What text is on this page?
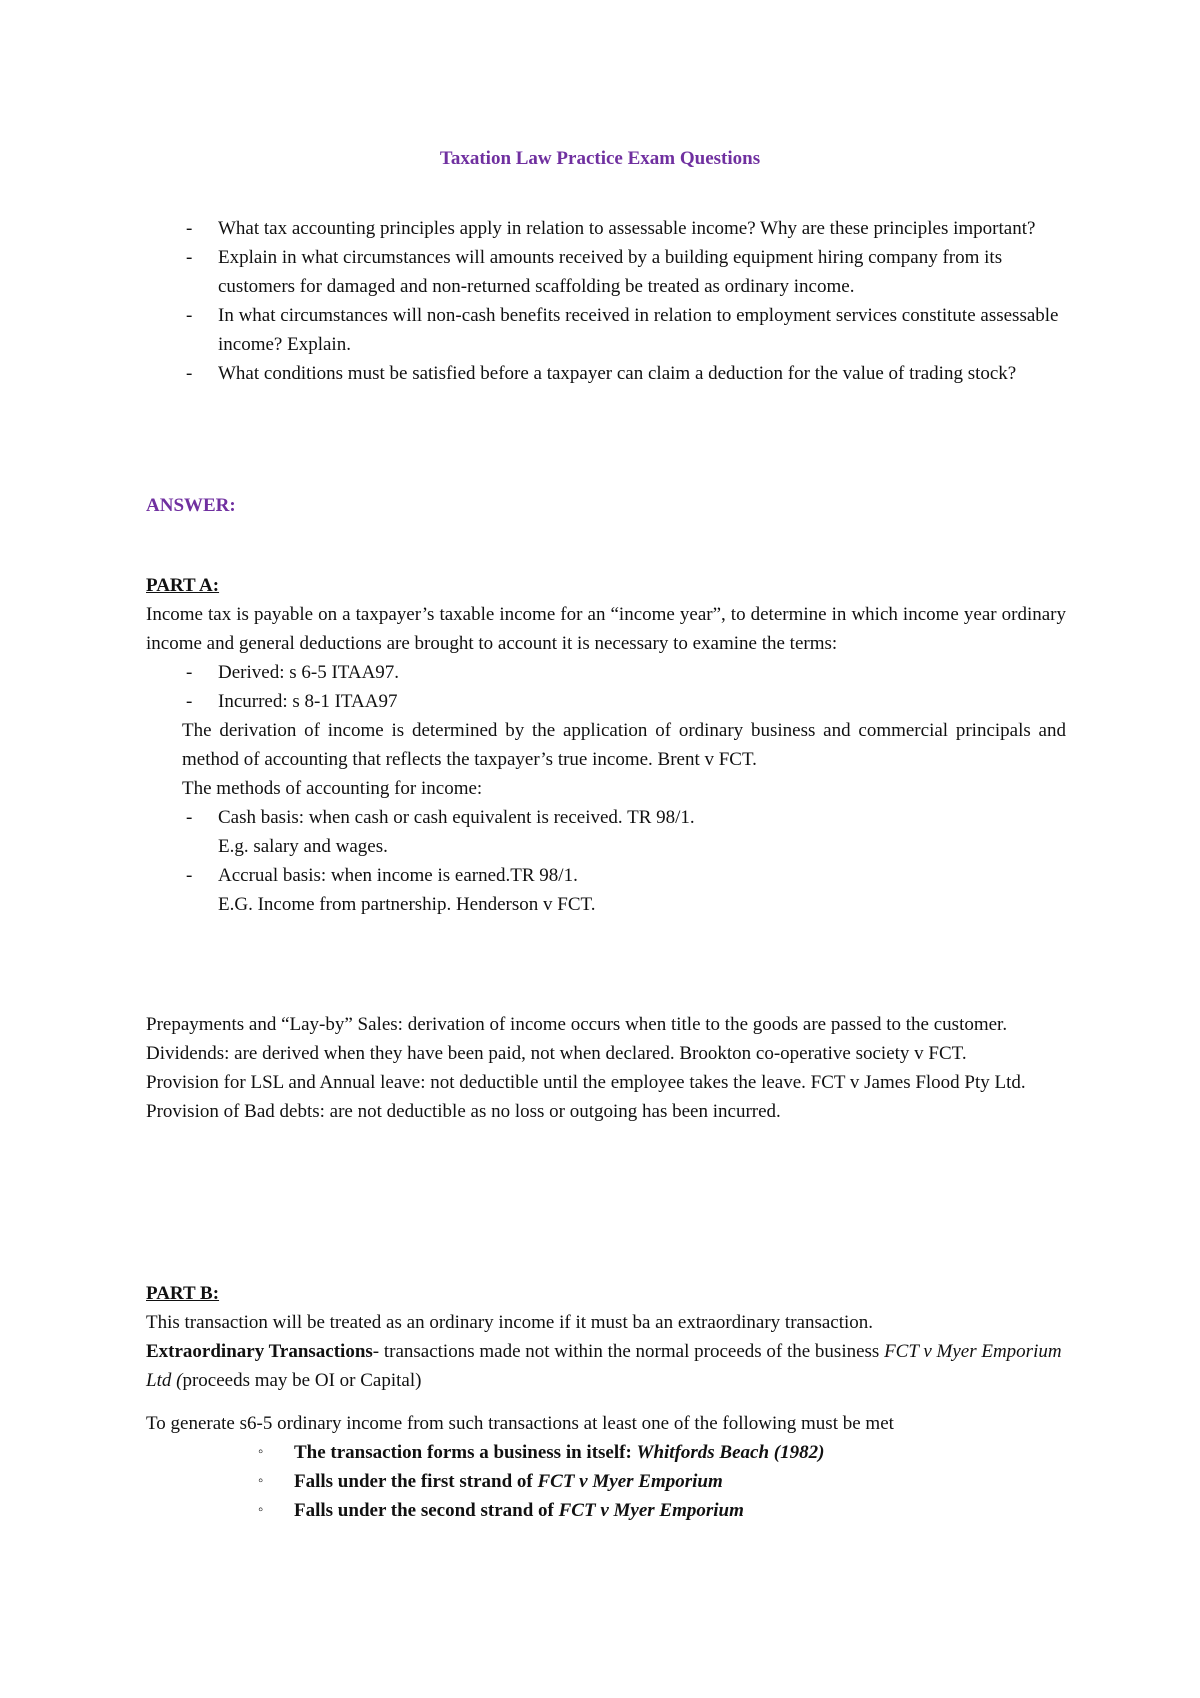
Taxation Law Practice Exam Questions
- What tax accounting principles apply in relation to assessable income? Why are these principles important?
- Explain in what circumstances will amounts received by a building equipment hiring company from its customers for damaged and non-returned scaffolding be treated as ordinary income.
- In what circumstances will non-cash benefits received in relation to employment services constitute assessable income? Explain.
- What conditions must be satisfied before a taxpayer can claim a deduction for the value of trading stock?
ANSWER:

PART A:

Income tax is payable on a taxpayer’s taxable income for an “income year”, to determine in which income year ordinary income and general deductions are brought to account it is necessary to examine the terms:

- Derived: s 6-5 ITAA97.
- Incurred: s 8-1 ITAA97

The derivation of income is determined by the application of ordinary business and commercial principals and method of accounting that reflects the taxpayer’s true income. Brent v FCT.

The methods of accounting for income:

- Cash basis: when cash or cash equivalent is received. TR 98/1.
E.g. salary and wages.
- Accrual basis: when income is earned.TR 98/1.
E.G. Income from partnership. Henderson v FCT.

Prepayments and “Lay-by” Sales: derivation of income occurs when title to the goods are passed to the customer.

Dividends: are derived when they have been paid, not when declared. Brookton co-operative society v FCT.

Provision for LSL and Annual leave: not deductible until the employee takes the leave. FCT v James Flood Pty Ltd.

Provision of Bad debts: are not deductible as no loss or outgoing has been incurred.

PART B:

This transaction will be treated as an ordinary income if it must ba an extraordinary transaction.

Extraordinary Transactions- transactions made not within the normal proceeds of the business FCT v Myer Emporium Ltd (proceeds may be OI or Capital)

To generate s6-5 ordinary income from such transactions at least one of the following must be met

◦ The transaction forms a business in itself: Whitfords Beach (1982)
◦ Falls under the first strand of FCT v Myer Emporium
◦ Falls under the second strand of FCT v Myer Emporium
